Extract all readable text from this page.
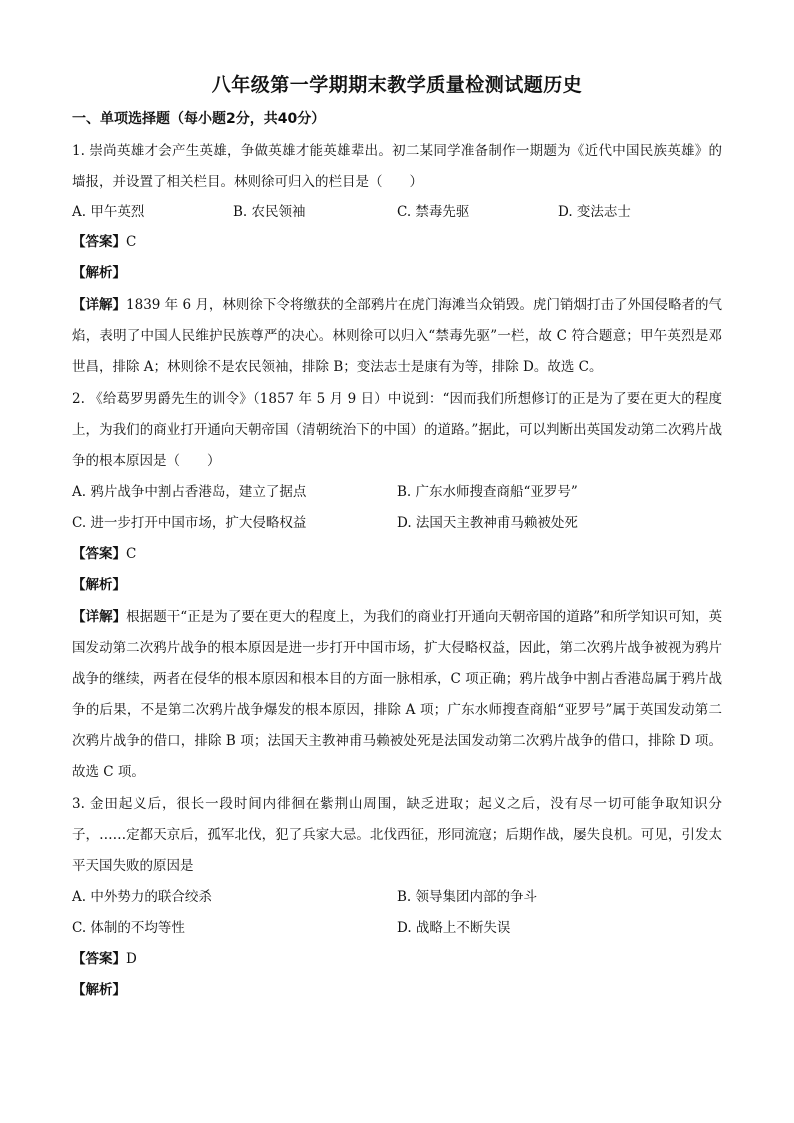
八年级第一学期期末教学质量检测试题历史
一、单项选择题（每小题2分，共40分）

1. 崇尚英雄才会产生英雄，争做英雄才能英雄辈出。初二某同学准备制作一期题为《近代中国民族英雄》的墙报，并设置了相关栏目。林则徐可归入的栏目是（　　）

A. 甲午英烈	B. 农民领袖	C. 禁毒先驱	D. 变法志士
【答案】C
【解析】

【详解】1839 年 6 月，林则徐下令将缴获的全部鸦片在虎门海滩当众销毁。虎门销烟打击了外国侵略者的气焰，表明了中国人民维护民族尊严的决心。林则徐可以归入“禁毒先驱”一栏，故 C 符合题意；甲午英烈是邓世昌，排除 A；林则徐不是农民领袖，排除 B；变法志士是康有为等，排除 D。故选 C。

2. 《给葛罗男爵先生的训令》（1857 年 5 月 9 日）中说到：“因而我们所想修订的正是为了要在更大的程度上，为我们的商业打开通向天朝帝国（清朝统治下的中国）的道路。”据此，可以判断出英国发动第二次鸦片战争的根本原因是（　　）

A. 鸦片战争中割占香港岛，建立了据点	B. 广东水师搜查商船“亚罗号”
C. 进一步打开中国市场，扩大侵略权益	D. 法国天主教神甫马赖被处死
【答案】C
【解析】

【详解】根据题干“正是为了要在更大的程度上，为我们的商业打开通向天朝帝国的道路”和所学知识可知，英国发动第二次鸦片战争的根本原因是进一步打开中国市场，扩大侵略权益，因此，第二次鸦片战争被视为鸦片战争的继续，两者在侵华的根本原因和根本目的方面一脉相承，C 项正确；鸦片战争中割占香港岛属于鸦片战争的后果，不是第二次鸦片战争爆发的根本原因，排除 A 项；广东水师搜查商船“亚罗号”属于英国发动第二次鸦片战争的借口，排除 B 项；法国天主教神甫马赖被处死是法国发动第二次鸦片战争的借口，排除 D 项。故选 C 项。

3. 金田起义后，很长一段时间内徘徊在紫荆山周围，缺乏进取；起义之后，没有尽一切可能争取知识分子，……定都天京后，孤军北伐，犯了兵家大忌。北伐西征，形同流寇；后期作战，屡失良机。可见，引发太平天国失败的原因是

A. 中外势力的联合绞杀	B. 领导集团内部的争斗
C. 体制的不均等性	D. 战略上不断失误
【答案】D
【解析】
